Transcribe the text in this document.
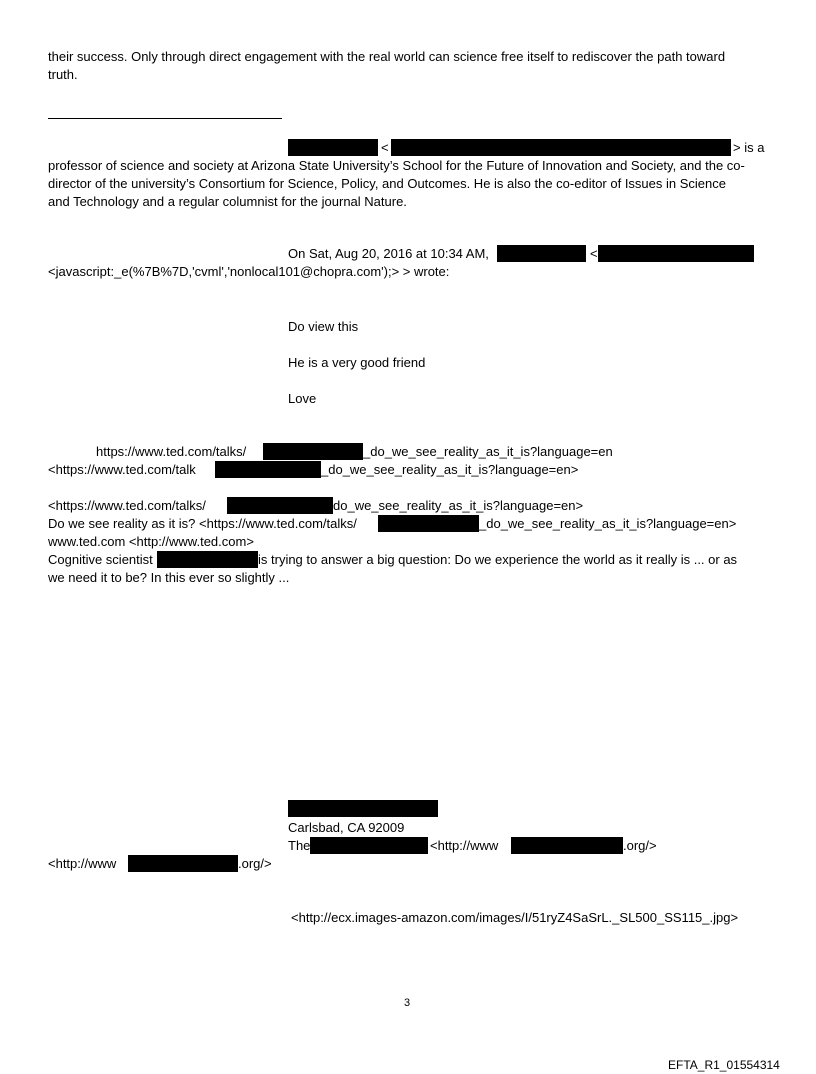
their success. Only through direct engagement with the real world can science free itself to rediscover the path toward
truth.
<	> is a
professor of science and society at Arizona State University’s School for the Future of Innovation and Society, and the co-
director of the university’s Consortium for Science, Policy, and Outcomes. He is also the co-editor of Issues in Science
and Technology and a regular columnist for the journal Nature.
On Sat, Aug 20, 2016 at 10:34 AM,	<
<javascript:_e(%7B%7D,'cvml','nonlocal101@chopra.com');> > wrote:
Do view this
He is a very good friend
Love
https://www.ted.com/talks/	_do_we_see_reality_as_it_is?language=en
<https://www.ted.com/talk	_do_we_see_reality_as_it_is?language=en>
<https://www.ted.com/talks/	do_we_see_reality_as_it_is?language=en>
Do we see reality as it is? <https://www.ted.com/talks/	_do_we_see_reality_as_it_is?language=en>
www.ted.com <http://www.ted.com>
Cognitive scientist	is trying to answer a big question: Do we experience the world as it really is ... or as
we need it to be? In this ever so slightly ...
Carlsbad, CA 92009
The	<http://www	.org/>
<http://www	.org/>
<http://ecx.images-amazon.com/images/I/51ryZ4SaSrL._SL500_SS115_.jpg>
3
EFTA_R1_01554314
